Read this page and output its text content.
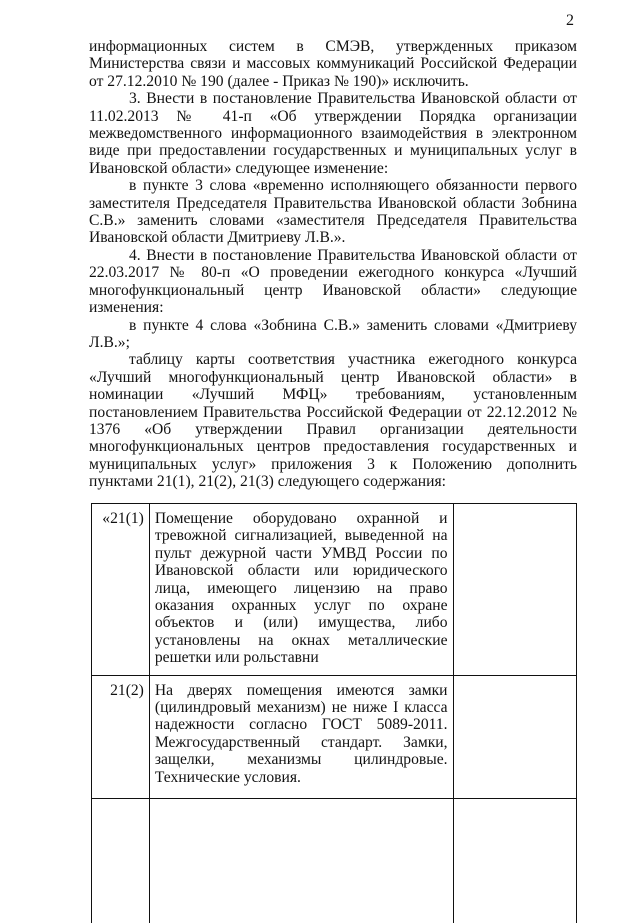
2

информационных систем в СМЭВ, утвержденных приказом Министерства связи и массовых коммуникаций Российской Федерации от 27.12.2010 № 190 (далее - Приказ № 190)» исключить.

3. Внести в постановление Правительства Ивановской области от 11.02.2013 № 41-п «Об утверждении Порядка организации межведомственного информационного взаимодействия в электронном виде при предоставлении государственных и муниципальных услуг в Ивановской области» следующее изменение:

в пункте 3 слова «временно исполняющего обязанности первого заместителя Председателя Правительства Ивановской области Зобнина С.В.» заменить словами «заместителя Председателя Правительства Ивановской области Дмитриеву Л.В.».

4. Внести в постановление Правительства Ивановской области от 22.03.2017 № 80-п «О проведении ежегодного конкурса «Лучший многофункциональный центр Ивановской области» следующие изменения:

в пункте 4 слова «Зобнина С.В.» заменить словами «Дмитриеву Л.В.»;

таблицу карты соответствия участника ежегодного конкурса «Лучший многофункциональный центр Ивановской области» в номинации «Лучший МФЦ» требованиям, установленным постановлением Правительства Российской Федерации от 22.12.2012 № 1376 «Об утверждении Правил организации деятельности многофункциональных центров предоставления государственных и муниципальных услуг» приложения 3 к Положению дополнить пунктами 21(1), 21(2), 21(3) следующего содержания:

«21(1)	Помещение оборудовано охранной и тревожной сигнализацией, выведенной на пульт дежурной части УМВД России по Ивановской области или юридического лица, имеющего лицензию на право оказания охранных услуг по охране объектов и (или) имущества, либо установлены на окнах металлические решетки или рольставни	
21(2)	На дверях помещения имеются замки (цилиндровый механизм) не ниже I класса надежности согласно ГОСТ 5089-2011. Межгосударственный стандарт. Замки, защелки, механизмы цилиндровые. Технические условия.	
